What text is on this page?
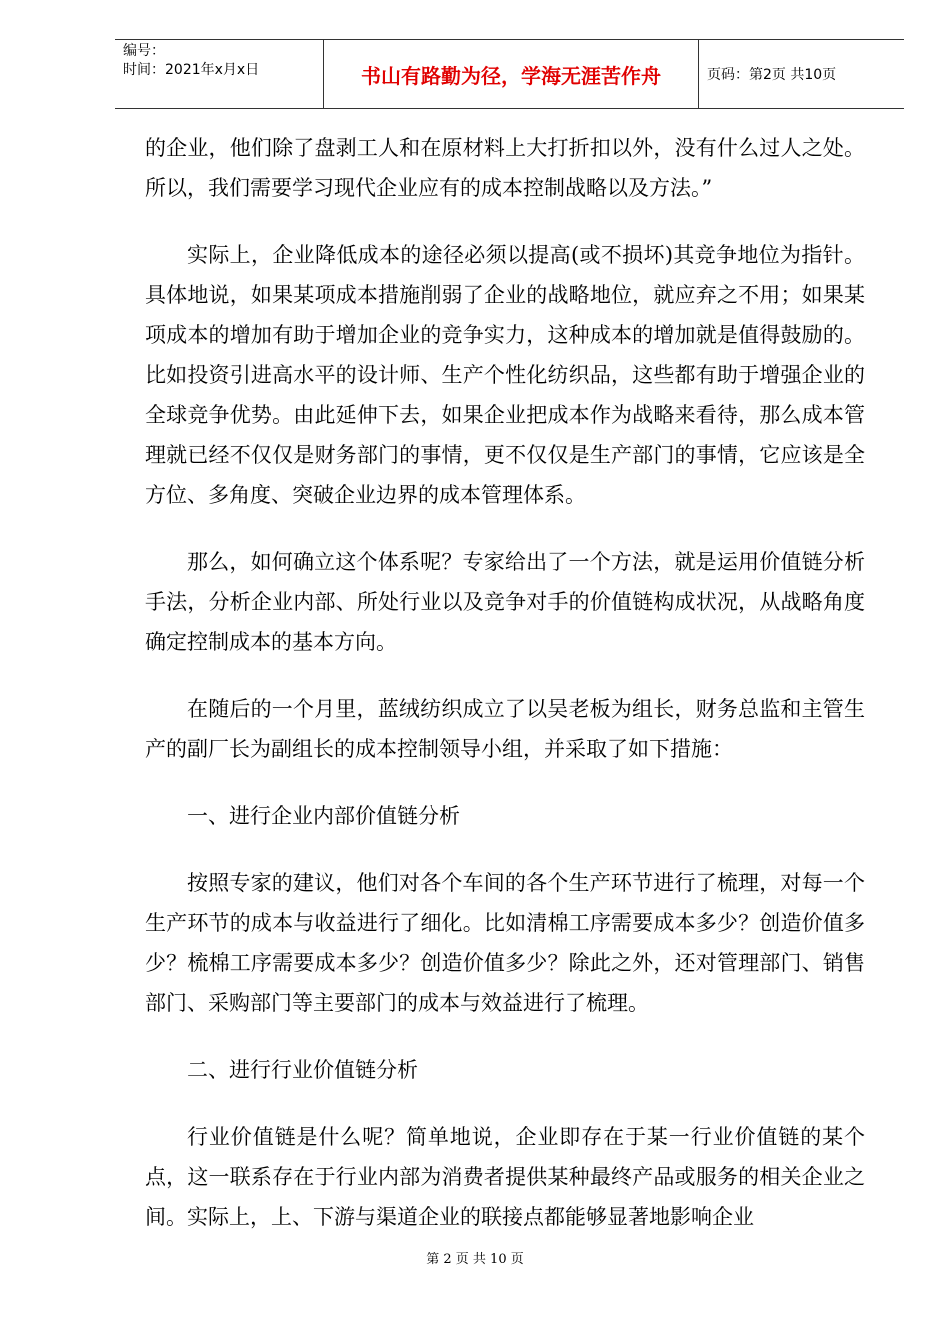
编号：
时间：2021年x月x日	书山有路勤为径，学海无涯苦作舟	页码：第2页 共10页

的企业，他们除了盘剥工人和在原材料上大打折扣以外，没有什么过人之处。所以，我们需要学习现代企业应有的成本控制战略以及方法。”

实际上，企业降低成本的途径必须以提高(或不损坏)其竞争地位为指针。具体地说，如果某项成本措施削弱了企业的战略地位，就应弃之不用；如果某项成本的增加有助于增加企业的竞争实力，这种成本的增加就是值得鼓励的。比如投资引进高水平的设计师、生产个性化纺织品，这些都有助于增强企业的全球竞争优势。由此延伸下去，如果企业把成本作为战略来看待，那么成本管理就已经不仅仅是财务部门的事情，更不仅仅是生产部门的事情，它应该是全方位、多角度、突破企业边界的成本管理体系。

那么，如何确立这个体系呢？专家给出了一个方法，就是运用价值链分析手法，分析企业内部、所处行业以及竞争对手的价值链构成状况，从战略角度确定控制成本的基本方向。

在随后的一个月里，蓝绒纺织成立了以吴老板为组长，财务总监和主管生产的副厂长为副组长的成本控制领导小组，并采取了如下措施：

一、进行企业内部价值链分析

按照专家的建议，他们对各个车间的各个生产环节进行了梳理，对每一个生产环节的成本与收益进行了细化。比如清棉工序需要成本多少？创造价值多少？梳棉工序需要成本多少？创造价值多少？除此之外，还对管理部门、销售部门、采购部门等主要部门的成本与效益进行了梳理。

二、进行行业价值链分析

行业价值链是什么呢？简单地说，企业即存在于某一行业价值链的某个点，这一联系存在于行业内部为消费者提供某种最终产品或服务的相关企业之间。实际上，上、下游与渠道企业的联接点都能够显著地影响企业

第 2 页 共 10 页
